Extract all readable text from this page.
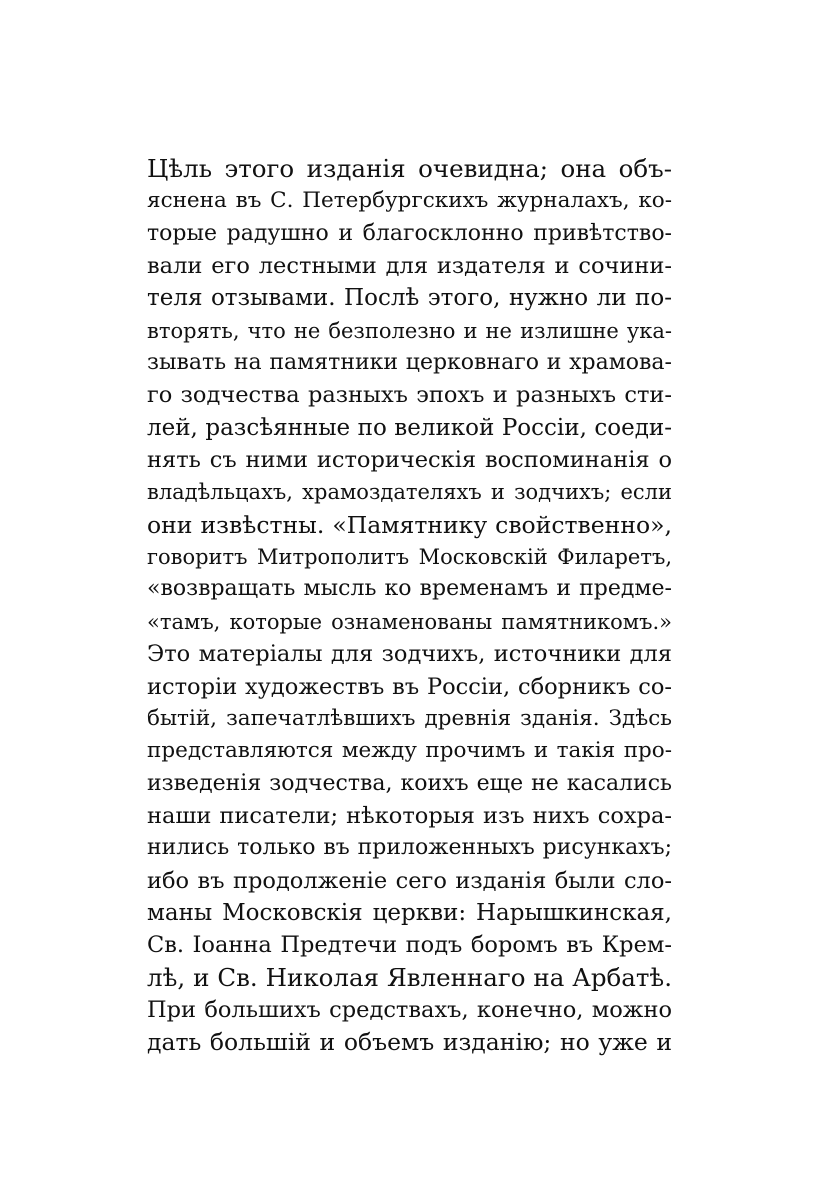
Цѣль этого изданія очевидна; она объ-
яснена въ С. Петербургскихъ журналахъ, ко-
торые радушно и благосклонно привѣтство-
вали его лестными для издателя и сочини-
теля отзывами. Послѣ этого, нужно ли по-
вторять, что не безполезно и не излишне ука-
зывать на памятники церковнаго и храмова-
го зодчества разныхъ эпохъ и разныхъ сти-
лей, разсѣянные по великой Россіи, соеди-
нять съ ними историческія воспоминанія о
владѣльцахъ, храмоздателяхъ и зодчихъ; если
они извѣстны. «Памятнику свойственно»,
говоритъ Митрополитъ Московскій Филаретъ,
«возвращать мысль ко временамъ и предме-
«тамъ, которые ознаменованы памятникомъ.»
Это матеріалы для зодчихъ, источники для
исторіи художествъ въ Россіи, сборникъ со-
бытій, запечатлѣвшихъ древнія зданія. Здѣсь
представляются между прочимъ и такія про-
изведенія зодчества, коихъ еще не касались
наши писатели; нѣкоторыя изъ нихъ сохра-
нились только въ приложенныхъ рисункахъ;
ибо въ продолженіе сего изданія были сло-
маны Московскія церкви: Нарышкинская,
Св. Іоанна Предтечи подъ боромъ въ Крем-
лѣ, и Св. Николая Явленнаго на Арбатѣ.
При большихъ средствахъ, конечно, можно
дать большій и объемъ изданію; но уже и
